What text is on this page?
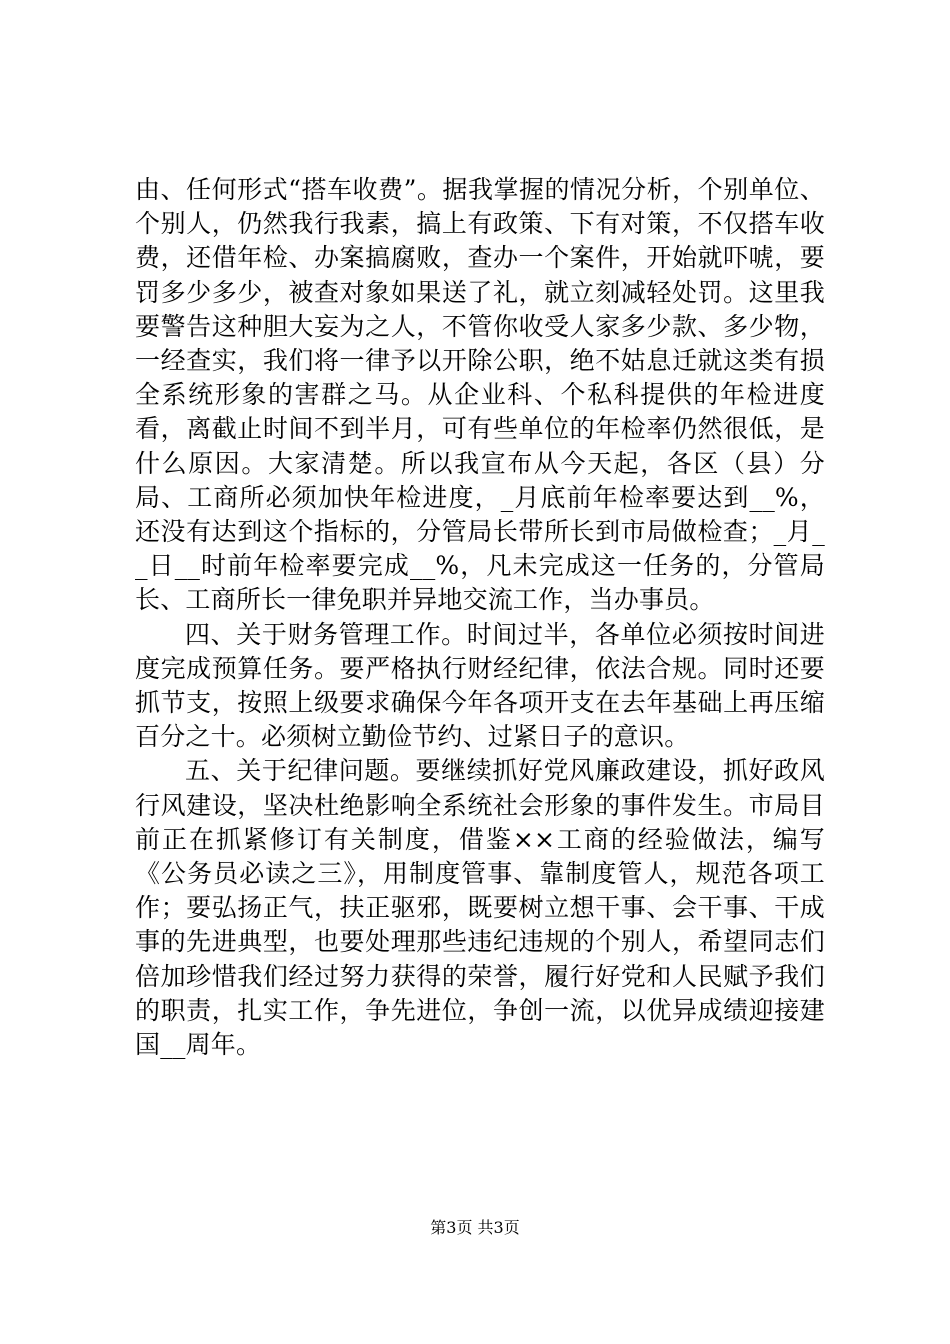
由、任何形式“搭车收费”。据我掌握的情况分析，个别单位、个别人，仍然我行我素，搞上有政策、下有对策，不仅搭车收费，还借年检、办案搞腐败，查办一个案件，开始就吓唬，要罚多少多少，被查对象如果送了礼，就立刻减轻处罚。这里我要警告这种胆大妄为之人，不管你收受人家多少款、多少物，一经查实，我们将一律予以开除公职，绝不姑息迁就这类有损全系统形象的害群之马。从企业科、个私科提供的年检进度看，离截止时间不到半月，可有些单位的年检率仍然很低，是什么原因。大家清楚。所以我宣布从今天起，各区（县）分局、工商所必须加快年检进度，_月底前年检率要达到__%，还没有达到这个指标的，分管局长带所长到市局做检查；_月__日__时前年检率要完成__%，凡未完成这一任务的，分管局长、工商所长一律免职并异地交流工作，当办事员。

四、关于财务管理工作。时间过半，各单位必须按时间进度完成预算任务。要严格执行财经纪律，依法合规。同时还要抓节支，按照上级要求确保今年各项开支在去年基础上再压缩百分之十。必须树立勤俭节约、过紧日子的意识。

五、关于纪律问题。要继续抓好党风廉政建设，抓好政风行风建设，坚决杜绝影响全系统社会形象的事件发生。市局目前正在抓紧修订有关制度，借鉴××工商的经验做法，编写《公务员必读之三》，用制度管事、靠制度管人，规范各项工作；要弘扬正气，扶正驱邪，既要树立想干事、会干事、干成事的先进典型，也要处理那些违纪违规的个别人，希望同志们倍加珍惜我们经过努力获得的荣誉，履行好党和人民赋予我们的职责，扎实工作，争先进位，争创一流，以优异成绩迎接建国__周年。

第3页 共3页
